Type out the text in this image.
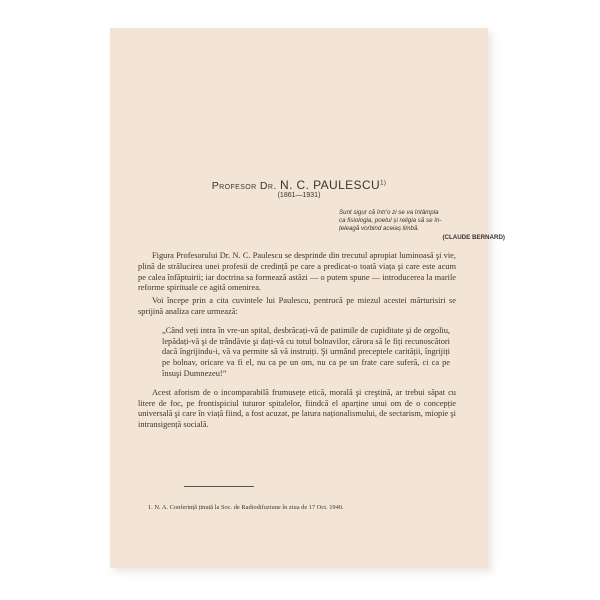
Profesor Dr. N. C. PAULESCU$^{1)}$
(1861—1931)
Sunt sigur că într'o zi se va întâmpla
ca fisiologia, poetul și religia să se în-
țeleagă vorbind aceiaș limbă.
(CLAUDE BERNARD)

Figura Profesorului Dr. N. C. Paulescu se desprinde din trecutul apropiat luminoasă şi vie, plină de strălucirea unei profesii de credință pe care a predicat-o toată viața şi care este acum pe calea înfăptuirii; iar doctrina sa formează astăzi — o putem spune — introducerea la marile reforme spirituale ce agită omenirea.

Voi începe prin a cita cuvintele lui Paulescu, pentrucă pe miezul acestei mărturisiri se sprijină analiza care urmează:

„Când veți intra în vre-un spital, desbrăcați-vă de patimile de cupiditate şi de orgoliu, lepădați-vă şi de trândăvie şi dați-vă cu totul bolnavilor, cărora să le fiți recunoscători dacă îngrijindu-i, vă va permite să vă instruiți. Şi urmând preceptele carității, îngrijiți pe bolnav, oricare va fi el, nu ca pe un om, nu ca pe un frate care suferă, ci ca pe însuşi Dumnezeu!”

Acest aforism de o incomparabilă frumusețe etică, morală şi creştină, ar trebui săpat cu litere de foc, pe frontispiciul tuturor spitalelor, fiindcă el aparține unui om de o concepție universală şi care în viață fiind, a fost acuzat, pe latura naționalismului, de sectarism, miopie şi intransigență socială.

1. N. A. Conferință ținută la Soc. de Radiodifuziune în ziua de 17 Oct. 1940.
